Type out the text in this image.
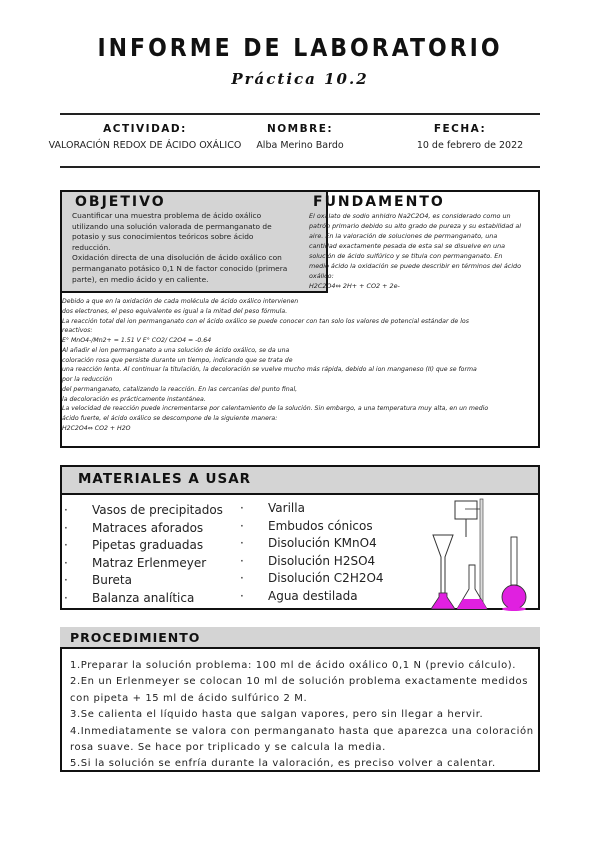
INFORME DE LABORATORIO
Práctica 10.2
ACTIVIDAD:	NOMBRE:	FECHA:
VALORACIÓN REDOX DE ÁCIDO OXÁLICO	Alba Merino Bardo	10 de febrero de 2022
OBJETIVO
Cuantificar una muestra problema de ácido oxálico
utilizando una solución valorada de permanganato de
potasio y sus conocimientos teóricos sobre ácido
reducción.
Oxidación directa de una disolución de ácido oxálico con
permanganato potásico 0,1 N de factor conocido (primera
parte), en medio ácido y en caliente.
FUNDAMENTO
El oxalato de sodio anhidro Na2C2O4, es considerado como un
patrón primario debido su alto grado de pureza y su estabilidad al
aire. En la valoración de soluciones de permanganato, una
cantidad exactamente pesada de esta sal se disuelve en una
solución de ácido sulfúrico y se titula con permanganato. En
medio ácido la oxidación se puede describir en términos del ácido
oxálico:
H2C2O4⇔ 2H+ + CO2 + 2e-
Debido a que en la oxidación de cada molécula de ácido oxálico intervienen
dos electrones, el peso equivalente es igual a la mitad del peso fórmula.
La reacción total del ion permanganato con el ácido oxálico se puede conocer con tan solo los valores de potencial estándar de los
reactivos:
E° MnO4-/Mn2+ = 1.51 V E° CO2/ C2O4 = -0.64
Al añadir el ion permanganato a una solución de ácido oxálico, se da una
coloración rosa que persiste durante un tiempo, indicando que se trata de
una reacción lenta. Al continuar la titulación, la decoloración se vuelve mucho más rápida, debido al ion manganeso (II) que se forma
por la reducción
del permanganato, catalizando la reacción. En las cercanías del punto final,
la decoloración es prácticamente instantánea.
La velocidad de reacción puede incrementarse por calentamiento de la solución. Sin embargo, a una temperatura muy alta, en un medio
ácido fuerte, el ácido oxálico se descompone de la siguiente manera:
H2C2O4⇔ CO2 + H2O
MATERIALES A USAR
· Vasos de precipitados
· Matraces aforados
· Pipetas graduadas
· Matraz Erlenmeyer
· Bureta
· Balanza analítica
· Varilla
· Embudos cónicos
· Disolución KMnO4
· Disolución H2SO4
· Disolución C2H2O4
· Agua destilada
PROCEDIMIENTO
1.Preparar la solución problema: 100 ml de ácido oxálico 0,1 N (previo cálculo).
2.En un Erlenmeyer se colocan 10 ml de solución problema exactamente medidos
con pipeta + 15 ml de ácido sulfúrico 2 M.
3.Se calienta el líquido hasta que salgan vapores, pero sin llegar a hervir.
4.Inmediatamente se valora con permanganato hasta que aparezca una coloración
rosa suave. Se hace por triplicado y se calcula la media.
5.Si la solución se enfría durante la valoración, es preciso volver a calentar.
